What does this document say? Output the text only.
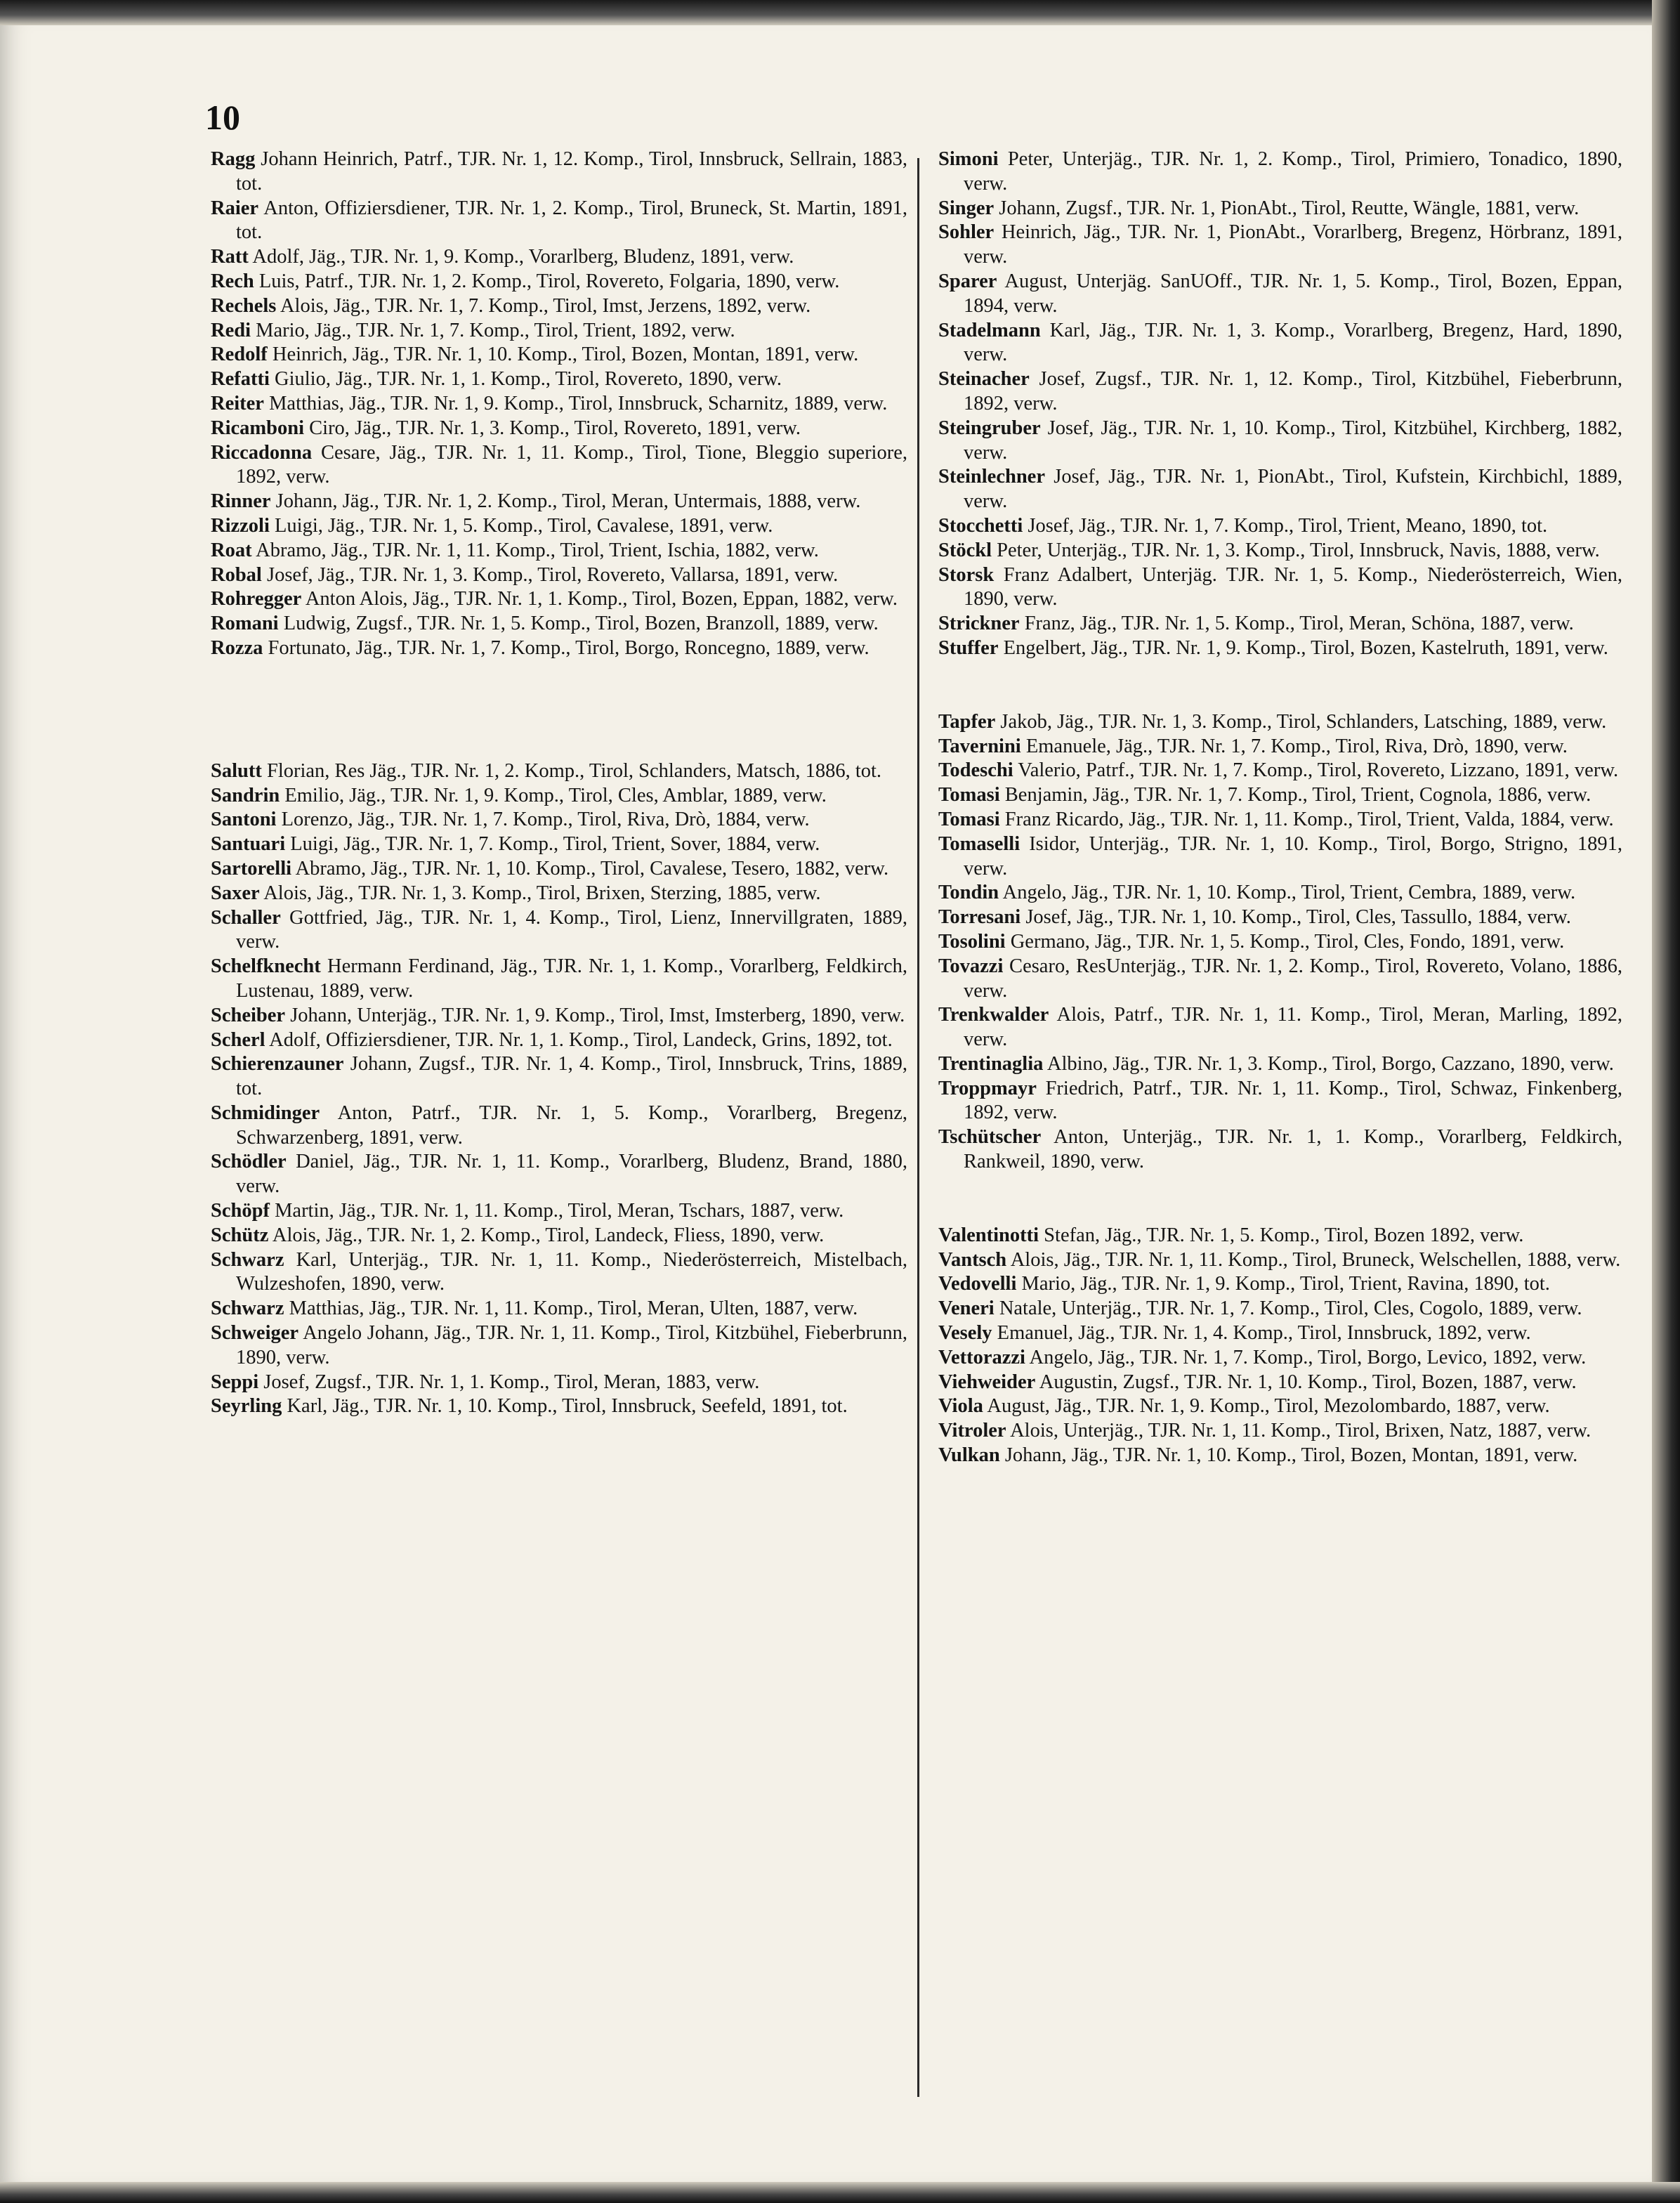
10

Ragg Johann Heinrich, Patrf., TJR. Nr. 1, 12. Komp., Tirol, Innsbruck, Sellrain, 1883, tot.

Raier Anton, Offiziersdiener, TJR. Nr. 1, 2. Komp., Tirol, Bruneck, St. Martin, 1891, tot.

Ratt Adolf, Jäg., TJR. Nr. 1, 9. Komp., Vorarlberg, Bludenz, 1891, verw.

Rech Luis, Patrf., TJR. Nr. 1, 2. Komp., Tirol, Rovereto, Folgaria, 1890, verw.

Rechels Alois, Jäg., TJR. Nr. 1, 7. Komp., Tirol, Imst, Jerzens, 1892, verw.

Redi Mario, Jäg., TJR. Nr. 1, 7. Komp., Tirol, Trient, 1892, verw.

Redolf Heinrich, Jäg., TJR. Nr. 1, 10. Komp., Tirol, Bozen, Montan, 1891, verw.

Refatti Giulio, Jäg., TJR. Nr. 1, 1. Komp., Tirol, Rovereto, 1890, verw.

Reiter Matthias, Jäg., TJR. Nr. 1, 9. Komp., Tirol, Innsbruck, Scharnitz, 1889, verw.

Ricamboni Ciro, Jäg., TJR. Nr. 1, 3. Komp., Tirol, Rovereto, 1891, verw.

Riccadonna Cesare, Jäg., TJR. Nr. 1, 11. Komp., Tirol, Tione, Bleggio superiore, 1892, verw.

Rinner Johann, Jäg., TJR. Nr. 1, 2. Komp., Tirol, Meran, Untermais, 1888, verw.

Rizzoli Luigi, Jäg., TJR. Nr. 1, 5. Komp., Tirol, Cavalese, 1891, verw.

Roat Abramo, Jäg., TJR. Nr. 1, 11. Komp., Tirol, Trient, Ischia, 1882, verw.

Robal Josef, Jäg., TJR. Nr. 1, 3. Komp., Tirol, Rovereto, Vallarsa, 1891, verw.

Rohregger Anton Alois, Jäg., TJR. Nr. 1, 1. Komp., Tirol, Bozen, Eppan, 1882, verw.

Romani Ludwig, Zugsf., TJR. Nr. 1, 5. Komp., Tirol, Bozen, Branzoll, 1889, verw.

Rozza Fortunato, Jäg., TJR. Nr. 1, 7. Komp., Tirol, Borgo, Roncegno, 1889, verw.

Salutt Florian, Res Jäg., TJR. Nr. 1, 2. Komp., Tirol, Schlanders, Matsch, 1886, tot.

Sandrin Emilio, Jäg., TJR. Nr. 1, 9. Komp., Tirol, Cles, Amblar, 1889, verw.

Santoni Lorenzo, Jäg., TJR. Nr. 1, 7. Komp., Tirol, Riva, Drò, 1884, verw.

Santuari Luigi, Jäg., TJR. Nr. 1, 7. Komp., Tirol, Trient, Sover, 1884, verw.

Sartorelli Abramo, Jäg., TJR. Nr. 1, 10. Komp., Tirol, Cavalese, Tesero, 1882, verw.

Saxer Alois, Jäg., TJR. Nr. 1, 3. Komp., Tirol, Brixen, Sterzing, 1885, verw.

Schaller Gottfried, Jäg., TJR. Nr. 1, 4. Komp., Tirol, Lienz, Innervillgraten, 1889, verw.

Schelfknecht Hermann Ferdinand, Jäg., TJR. Nr. 1, 1. Komp., Vorarlberg, Feldkirch, Lustenau, 1889, verw.

Scheiber Johann, Unterjäg., TJR. Nr. 1, 9. Komp., Tirol, Imst, Imsterberg, 1890, verw.

Scherl Adolf, Offiziersdiener, TJR. Nr. 1, 1. Komp., Tirol, Landeck, Grins, 1892, tot.

Schierenzauner Johann, Zugsf., TJR. Nr. 1, 4. Komp., Tirol, Innsbruck, Trins, 1889, tot.

Schmidinger Anton, Patrf., TJR. Nr. 1, 5. Komp., Vorarlberg, Bregenz, Schwarzenberg, 1891, verw.

Schödler Daniel, Jäg., TJR. Nr. 1, 11. Komp., Vorarlberg, Bludenz, Brand, 1880, verw.

Schöpf Martin, Jäg., TJR. Nr. 1, 11. Komp., Tirol, Meran, Tschars, 1887, verw.

Schütz Alois, Jäg., TJR. Nr. 1, 2. Komp., Tirol, Landeck, Fliess, 1890, verw.

Schwarz Karl, Unterjäg., TJR. Nr. 1, 11. Komp., Niederösterreich, Mistelbach, Wulzeshofen, 1890, verw.

Schwarz Matthias, Jäg., TJR. Nr. 1, 11. Komp., Tirol, Meran, Ulten, 1887, verw.

Schweiger Angelo Johann, Jäg., TJR. Nr. 1, 11. Komp., Tirol, Kitzbühel, Fieberbrunn, 1890, verw.

Seppi Josef, Zugsf., TJR. Nr. 1, 1. Komp., Tirol, Meran, 1883, verw.

Seyrling Karl, Jäg., TJR. Nr. 1, 10. Komp., Tirol, Innsbruck, Seefeld, 1891, tot.

Simoni Peter, Unterjäg., TJR. Nr. 1, 2. Komp., Tirol, Primiero, Tonadico, 1890, verw.

Singer Johann, Zugsf., TJR. Nr. 1, PionAbt., Tirol, Reutte, Wängle, 1881, verw.

Sohler Heinrich, Jäg., TJR. Nr. 1, PionAbt., Vorarlberg, Bregenz, Hörbranz, 1891, verw.

Sparer August, Unterjäg. SanUOff., TJR. Nr. 1, 5. Komp., Tirol, Bozen, Eppan, 1894, verw.

Stadelmann Karl, Jäg., TJR. Nr. 1, 3. Komp., Vorarlberg, Bregenz, Hard, 1890, verw.

Steinacher Josef, Zugsf., TJR. Nr. 1, 12. Komp., Tirol, Kitzbühel, Fieberbrunn, 1892, verw.

Steingruber Josef, Jäg., TJR. Nr. 1, 10. Komp., Tirol, Kitzbühel, Kirchberg, 1882, verw.

Steinlechner Josef, Jäg., TJR. Nr. 1, PionAbt., Tirol, Kufstein, Kirchbichl, 1889, verw.

Stocchetti Josef, Jäg., TJR. Nr. 1, 7. Komp., Tirol, Trient, Meano, 1890, tot.

Stöckl Peter, Unterjäg., TJR. Nr. 1, 3. Komp., Tirol, Innsbruck, Navis, 1888, verw.

Storsk Franz Adalbert, Unterjäg. TJR. Nr. 1, 5. Komp., Niederösterreich, Wien, 1890, verw.

Strickner Franz, Jäg., TJR. Nr. 1, 5. Komp., Tirol, Meran, Schöna, 1887, verw.

Stuffer Engelbert, Jäg., TJR. Nr. 1, 9. Komp., Tirol, Bozen, Kastelruth, 1891, verw.

Tapfer Jakob, Jäg., TJR. Nr. 1, 3. Komp., Tirol, Schlanders, Latsching, 1889, verw.

Tavernini Emanuele, Jäg., TJR. Nr. 1, 7. Komp., Tirol, Riva, Drò, 1890, verw.

Todeschi Valerio, Patrf., TJR. Nr. 1, 7. Komp., Tirol, Rovereto, Lizzano, 1891, verw.

Tomasi Benjamin, Jäg., TJR. Nr. 1, 7. Komp., Tirol, Trient, Cognola, 1886, verw.

Tomasi Franz Ricardo, Jäg., TJR. Nr. 1, 11. Komp., Tirol, Trient, Valda, 1884, verw.

Tomaselli Isidor, Unterjäg., TJR. Nr. 1, 10. Komp., Tirol, Borgo, Strigno, 1891, verw.

Tondin Angelo, Jäg., TJR. Nr. 1, 10. Komp., Tirol, Trient, Cembra, 1889, verw.

Torresani Josef, Jäg., TJR. Nr. 1, 10. Komp., Tirol, Cles, Tassullo, 1884, verw.

Tosolini Germano, Jäg., TJR. Nr. 1, 5. Komp., Tirol, Cles, Fondo, 1891, verw.

Tovazzi Cesaro, ResUnterjäg., TJR. Nr. 1, 2. Komp., Tirol, Rovereto, Volano, 1886, verw.

Trenkwalder Alois, Patrf., TJR. Nr. 1, 11. Komp., Tirol, Meran, Marling, 1892, verw.

Trentinaglia Albino, Jäg., TJR. Nr. 1, 3. Komp., Tirol, Borgo, Cazzano, 1890, verw.

Troppmayr Friedrich, Patrf., TJR. Nr. 1, 11. Komp., Tirol, Schwaz, Finkenberg, 1892, verw.

Tschütscher Anton, Unterjäg., TJR. Nr. 1, 1. Komp., Vorarlberg, Feldkirch, Rankweil, 1890, verw.

Valentinotti Stefan, Jäg., TJR. Nr. 1, 5. Komp., Tirol, Bozen 1892, verw.

Vantsch Alois, Jäg., TJR. Nr. 1, 11. Komp., Tirol, Bruneck, Welschellen, 1888, verw.

Vedovelli Mario, Jäg., TJR. Nr. 1, 9. Komp., Tirol, Trient, Ravina, 1890, tot.

Veneri Natale, Unterjäg., TJR. Nr. 1, 7. Komp., Tirol, Cles, Cogolo, 1889, verw.

Vesely Emanuel, Jäg., TJR. Nr. 1, 4. Komp., Tirol, Innsbruck, 1892, verw.

Vettorazzi Angelo, Jäg., TJR. Nr. 1, 7. Komp., Tirol, Borgo, Levico, 1892, verw.

Viehweider Augustin, Zugsf., TJR. Nr. 1, 10. Komp., Tirol, Bozen, 1887, verw.

Viola August, Jäg., TJR. Nr. 1, 9. Komp., Tirol, Mezolombardo, 1887, verw.

Vitroler Alois, Unterjäg., TJR. Nr. 1, 11. Komp., Tirol, Brixen, Natz, 1887, verw.

Vulkan Johann, Jäg., TJR. Nr. 1, 10. Komp., Tirol, Bozen, Montan, 1891, verw.
